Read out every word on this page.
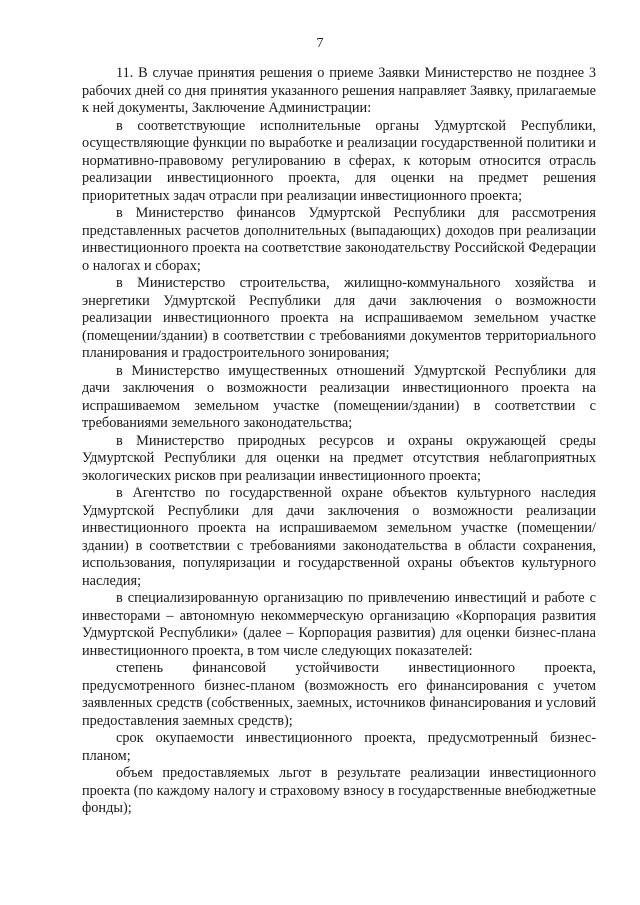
7

11. В случае принятия решения о приеме Заявки Министерство не позднее 3 рабочих дней со дня принятия указанного решения направляет Заявку, прилагаемые к ней документы, Заключение Администрации:

в соответствующие исполнительные органы Удмуртской Республики, осуществляющие функции по выработке и реализации государственной политики и нормативно-правовому регулированию в сферах, к которым относится отрасль реализации инвестиционного проекта, для оценки на предмет решения приоритетных задач отрасли при реализации инвестиционного проекта;

в Министерство финансов Удмуртской Республики для рассмотрения представленных расчетов дополнительных (выпадающих) доходов при реализации инвестиционного проекта на соответствие законодательству Российской Федерации о налогах и сборах;

в Министерство строительства, жилищно-коммунального хозяйства и энергетики Удмуртской Республики для дачи заключения о возможности реализации инвестиционного проекта на испрашиваемом земельном участке (помещении/здании) в соответствии с требованиями документов территориального планирования и градостроительного зонирования;

в Министерство имущественных отношений Удмуртской Республики для дачи заключения о возможности реализации инвестиционного проекта на испрашиваемом земельном участке (помещении/здании) в соответствии с требованиями земельного законодательства;

в Министерство природных ресурсов и охраны окружающей среды Удмуртской Республики для оценки на предмет отсутствия неблагоприятных экологических рисков при реализации инвестиционного проекта;

в Агентство по государственной охране объектов культурного наследия Удмуртской Республики для дачи заключения о возможности реализации инвестиционного проекта на испрашиваемом земельном участке (помещении/здании) в соответствии с требованиями законодательства в области сохранения, использования, популяризации и государственной охраны объектов культурного наследия;

в специализированную организацию по привлечению инвестиций и работе с инвесторами – автономную некоммерческую организацию «Корпорация развития Удмуртской Республики» (далее – Корпорация развития) для оценки бизнес-плана инвестиционного проекта, в том числе следующих показателей:

степень финансовой устойчивости инвестиционного проекта, предусмотренного бизнес-планом (возможность его финансирования с учетом заявленных средств (собственных, заемных, источников финансирования и условий предоставления заемных средств);

срок окупаемости инвестиционного проекта, предусмотренный бизнес-планом;

объем предоставляемых льгот в результате реализации инвестиционного проекта (по каждому налогу и страховому взносу в государственные внебюджетные фонды);
